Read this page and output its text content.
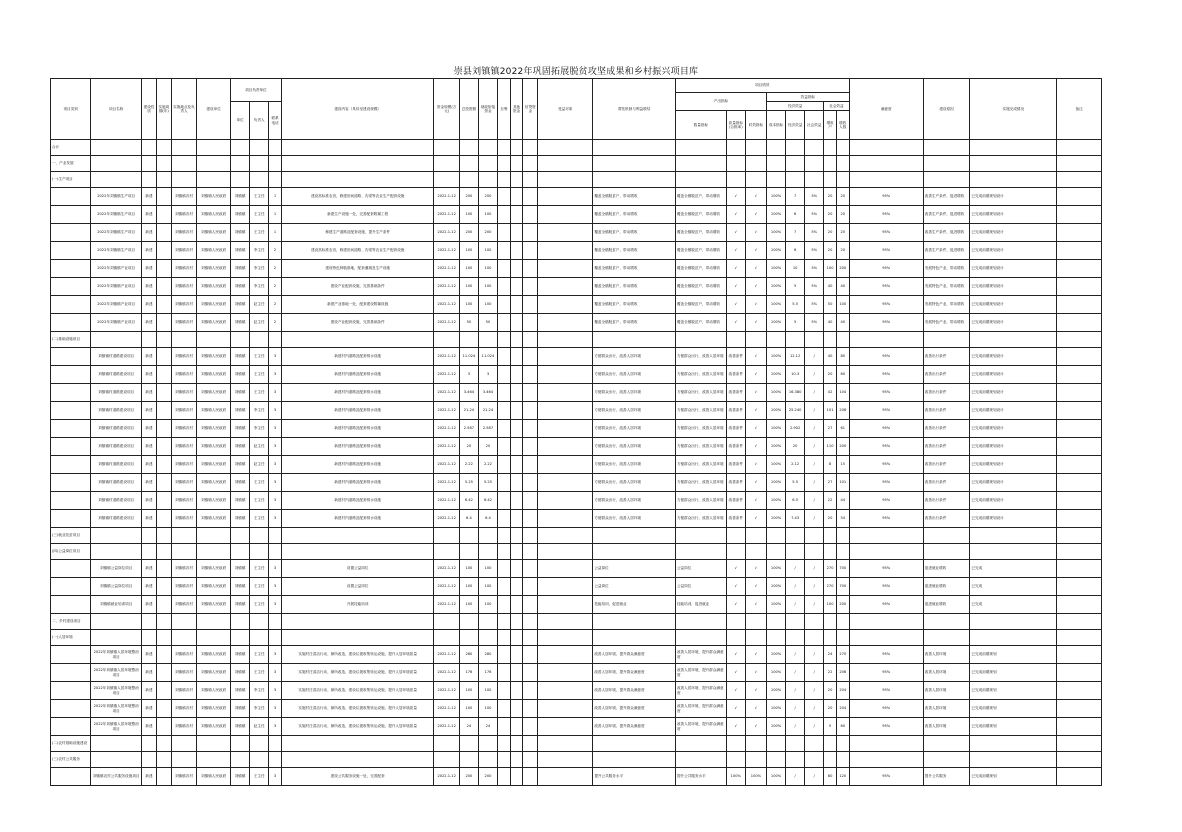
崇县刘镇镇2022年巩固拓展脱贫攻坚成果和乡村振兴项目库
项目类别	项目名称	建设性质	实施周期(年)	实施地点及负责人	建设单位	项目负责单位			建设内容（具体至建设规模）	资金规模(万元)	总投资额	财政衔接资金	自筹	其他资金	信贷资金	受益对象	帮扶机制与利益联结	项目绩效								满意度	建设原因	实施完成情况	备注
																		产出指标			效益指标								
						单位	负责人	联系电话													经济效益			社会效益					
																		数量指标	质量指标(合格率)	时效指标	成本指标	经济效益	社会效益	增收户	增收人数				

合计																													
一、产业发展																													
(一)生产项目																													
	2022年刘镇镇生产项目	新建		刘镇镇各村	刘镇镇人民政府	刘镇镇	王主任	1	建设高标准农田，修建田间道路、沟渠等农业生产配套设施	2022.1-12	200	200					覆盖全镇脱贫户，带动增收	覆盖全镇脱贫户，带动增收	√	√	100%	7	5%	20	20	95%	改善生产条件，促进增收	已完成前期规划设计	
	2022年刘镇镇生产项目	新建		刘镇镇各村	刘镇镇人民政府	刘镇镇	王主任	1	新建生产设施一处，完善配套附属工程	2022.1-12	100	100					覆盖全镇脱贫户，带动增收	覆盖全镇脱贫户，带动增收	√	√	100%	6	5%	20	20	95%	改善生产条件，促进增收	已完成前期规划设计	
	2022年刘镇镇生产项目	新建		刘镇镇各村	刘镇镇人民政府	刘镇镇	王主任	1	修建生产道路及配套设施，提升生产条件	2022.1-12	200	200					覆盖全镇脱贫户，带动增收	覆盖全镇脱贫户，带动增收	√	√	100%	7	5%	20	20	95%	改善生产条件，促进增收	已完成前期规划设计	
	2022年刘镇镇生产项目	新建		刘镇镇各村	刘镇镇人民政府	刘镇镇	李主任	2	建设高标准农田，修建田间道路、沟渠等农业生产配套设施	2022.1-12	100	100					覆盖全镇脱贫户，带动增收	覆盖全镇脱贫户，带动增收	√	√	100%	6	5%	20	20	95%	改善生产条件，促进增收	已完成前期规划设计	
	2022年刘镇镇产业项目	新建		刘镇镇各村	刘镇镇人民政府	刘镇镇	李主任	2	建设特色种植基地，配套灌溉及生产设施	2022.1-12	100	100					覆盖全镇脱贫户，带动增收	覆盖全镇脱贫户，带动增收	√	√	100%	10	5%	100	200	95%	发展特色产业，带动增收	已完成前期规划设计	
	2022年刘镇镇产业项目	新建		刘镇镇各村	刘镇镇人民政府	刘镇镇	李主任	2	建设产业配套设施，完善基础条件	2022.1-12	100	100					覆盖全镇脱贫户，带动增收	覆盖全镇脱贫户，带动增收	√	√	100%	5	5%	40	40	95%	发展特色产业，带动增收	已完成前期规划设计	
	2022年刘镇镇产业项目	新建		刘镇镇各村	刘镇镇人民政府	刘镇镇	赵主任	2	新建产业基地一处，配套建设附属设施	2022.1-12	100	100					覆盖全镇脱贫户，带动增收	覆盖全镇脱贫户，带动增收	√	√	100%	5.5	5%	50	100	95%	发展特色产业，带动增收	已完成前期规划设计	
	2022年刘镇镇产业项目	新建		刘镇镇各村	刘镇镇人民政府	刘镇镇	赵主任	2	建设产业配套设施，完善基础条件	2022.1-12	50	50					覆盖全镇脱贫户，带动增收	覆盖全镇脱贫户，带动增收	√	√	100%	5	5%	40	40	95%	发展特色产业，带动增收	已完成前期规划设计	
(二)基础设施项目																													
	刘镇镇村道路建设项目	新建		刘镇镇各村	刘镇镇人民政府	刘镇镇	王主任	3	新建村内道路及配套排水设施	2022.1-12	11.024	11.024					方便群众出行，改善人居环境	方便群众出行，改善人居环境	改善条件	√	100%	12.12	/	40	80	95%	改善出行条件	已完成前期规划设计	
	刘镇镇村道路建设项目	新建		刘镇镇各村	刘镇镇人民政府	刘镇镇	王主任	3	新建村内道路及配套排水设施	2022.1-12	3	3					方便群众出行，改善人居环境	方便群众出行，改善人居环境	改善条件	√	100%	10.3	/	20	60	95%	改善出行条件	已完成前期规划设计	
	刘镇镇村道路建设项目	新建		刘镇镇各村	刘镇镇人民政府	刘镇镇	王主任	3	新建村内道路及配套排水设施	2022.1-12	3.464	3.464					方便群众出行，改善人居环境	方便群众出行，改善人居环境	改善条件	√	100%	16.380	/	42	104	95%	改善出行条件	已完成前期规划设计	
	刘镇镇村道路建设项目	新建		刘镇镇各村	刘镇镇人民政府	刘镇镇	李主任	3	新建村内道路及配套排水设施	2022.1-12	21.24	21.24					方便群众出行，改善人居环境	方便群众出行，改善人居环境	改善条件	√	100%	25.240	/	101	208	95%	改善出行条件	已完成前期规划设计	
	刘镇镇村道路建设项目	新建		刘镇镇各村	刘镇镇人民政府	刘镇镇	李主任	3	新建村内道路及配套排水设施	2022.1-12	2.587	2.587					方便群众出行，改善人居环境	方便群众出行，改善人居环境	改善条件	√	100%	2.902	/	27	61	95%	改善出行条件	已完成前期规划设计	
	刘镇镇村道路建设项目	新建		刘镇镇各村	刘镇镇人民政府	刘镇镇	赵主任	3	新建村内道路及配套排水设施	2022.1-12	20	20					方便群众出行，改善人居环境	方便群众出行，改善人居环境	改善条件	√	100%	20	/	110	200	95%	改善出行条件	已完成前期规划设计	
	刘镇镇村道路建设项目	新建		刘镇镇各村	刘镇镇人民政府	刘镇镇	赵主任	3	新建村内道路及配套排水设施	2022.1-12	2.22	2.22					方便群众出行，改善人居环境	方便群众出行，改善人居环境	改善条件	√	100%	2.12	/	8	15	95%	改善出行条件	已完成前期规划设计	
	刘镇镇村道路建设项目	新建		刘镇镇各村	刘镇镇人民政府	刘镇镇	王主任	3	新建村内道路及配套排水设施	2022.1-12	5.25	5.25					方便群众出行，改善人居环境	方便群众出行，改善人居环境	改善条件	√	100%	5.5	/	27	101	95%	改善出行条件	已完成前期规划设计	
	刘镇镇村道路建设项目	新建		刘镇镇各村	刘镇镇人民政府	刘镇镇	王主任	3	新建村内道路及配套排水设施	2022.1-12	6.42	6.42					方便群众出行，改善人居环境	方便群众出行，改善人居环境	改善条件	√	100%	6.5	/	22	44	95%	改善出行条件	已完成前期规划设计	
	刘镇镇村道路建设项目	新建		刘镇镇各村	刘镇镇人民政府	刘镇镇	王主任	3	新建村内道路及配套排水设施	2022.1-12	6.4	6.4					方便群众出行，改善人居环境	方便群众出行，改善人居环境	改善条件	√	100%	7.43	/	20	54	95%	改善出行条件	已完成前期规划设计	
(三)就业扶贫项目																													
(四)公益岗位项目																													
	刘镇镇公益岗位项目	新建		刘镇镇各村	刘镇镇人民政府	刘镇镇	王主任	3	设置公益岗位	2022.1-12	100	100					公益岗位	公益岗位	√	√	100%	/	/	270	700	95%	促进就业增收	已完成	
	刘镇镇公益岗位项目	新建		刘镇镇各村	刘镇镇人民政府	刘镇镇	王主任	3	设置公益岗位	2022.1-12	100	100					公益岗位	公益岗位	√	√	100%	/	/	270	700	95%	促进就业增收	已完成	
	刘镇镇就业培训项目	新建		刘镇镇各村	刘镇镇人民政府	刘镇镇	王主任	3	开展技能培训	2022.1-12	100	100					技能培训，促进就业	技能培训，促进就业	√	√	100%	/	/	100	200	95%	促进就业增收	已完成	
二、乡村建设项目																													
(一)人居环境																													
	2022年刘镇镇人居环境整治项目	新建		刘镇镇各村	刘镇镇人民政府	刘镇镇	王主任	3	实施村庄清洁行动、厕所改造，建设垃圾收集转运设施，提升人居环境质量	2022.1-12	280	280					改善人居环境，提升群众满意度	改善人居环境，提升群众满意度	√	√	100%	/	/	24	270	95%	改善人居环境	已完成前期规划	
	2022年刘镇镇人居环境整治项目	新建		刘镇镇各村	刘镇镇人民政府	刘镇镇	王主任	3	实施村庄清洁行动、厕所改造，建设垃圾收集转运设施，提升人居环境质量	2022.1-12	176	176					改善人居环境，提升群众满意度	改善人居环境，提升群众满意度	√	√	100%	/	/	22	206	95%	改善人居环境	已完成前期规划	
	2022年刘镇镇人居环境整治项目	新建		刘镇镇各村	刘镇镇人民政府	刘镇镇	李主任	3	实施村庄清洁行动、厕所改造，建设垃圾收集转运设施，提升人居环境质量	2022.1-12	100	100					改善人居环境，提升群众满意度	改善人居环境，提升群众满意度	√	√	100%	/	/	20	204	95%	改善人居环境	已完成前期规划	
	2022年刘镇镇人居环境整治项目	新建		刘镇镇各村	刘镇镇人民政府	刘镇镇	李主任	3	实施村庄清洁行动、厕所改造，建设垃圾收集转运设施，提升人居环境质量	2022.1-12	100	100					改善人居环境，提升群众满意度	改善人居环境，提升群众满意度	√	√	100%	/	/	20	204	95%	改善人居环境	已完成前期规划	
	2022年刘镇镇人居环境整治项目	新建		刘镇镇各村	刘镇镇人民政府	刘镇镇	赵主任	3	实施村庄清洁行动、厕所改造，建设垃圾收集转运设施，提升人居环境质量	2022.1-12	24	24					改善人居环境，提升群众满意度	改善人居环境，提升群众满意度	√	√	100%	/	/	5	60	95%	改善人居环境	已完成前期规划	
(二)农村基础设施建设																													
(三)农村公共服务																													
	刘镇镇农村公共服务设施项目	新建		刘镇镇各村	刘镇镇人民政府	刘镇镇	王主任	3	建设公共服务设施一处，完善配套	2022.1-12	200	200					提升公共服务水平	提升公共服务水平	100%	100%	100%	/	/	80	120	95%	提升公共服务	已完成前期规划	
